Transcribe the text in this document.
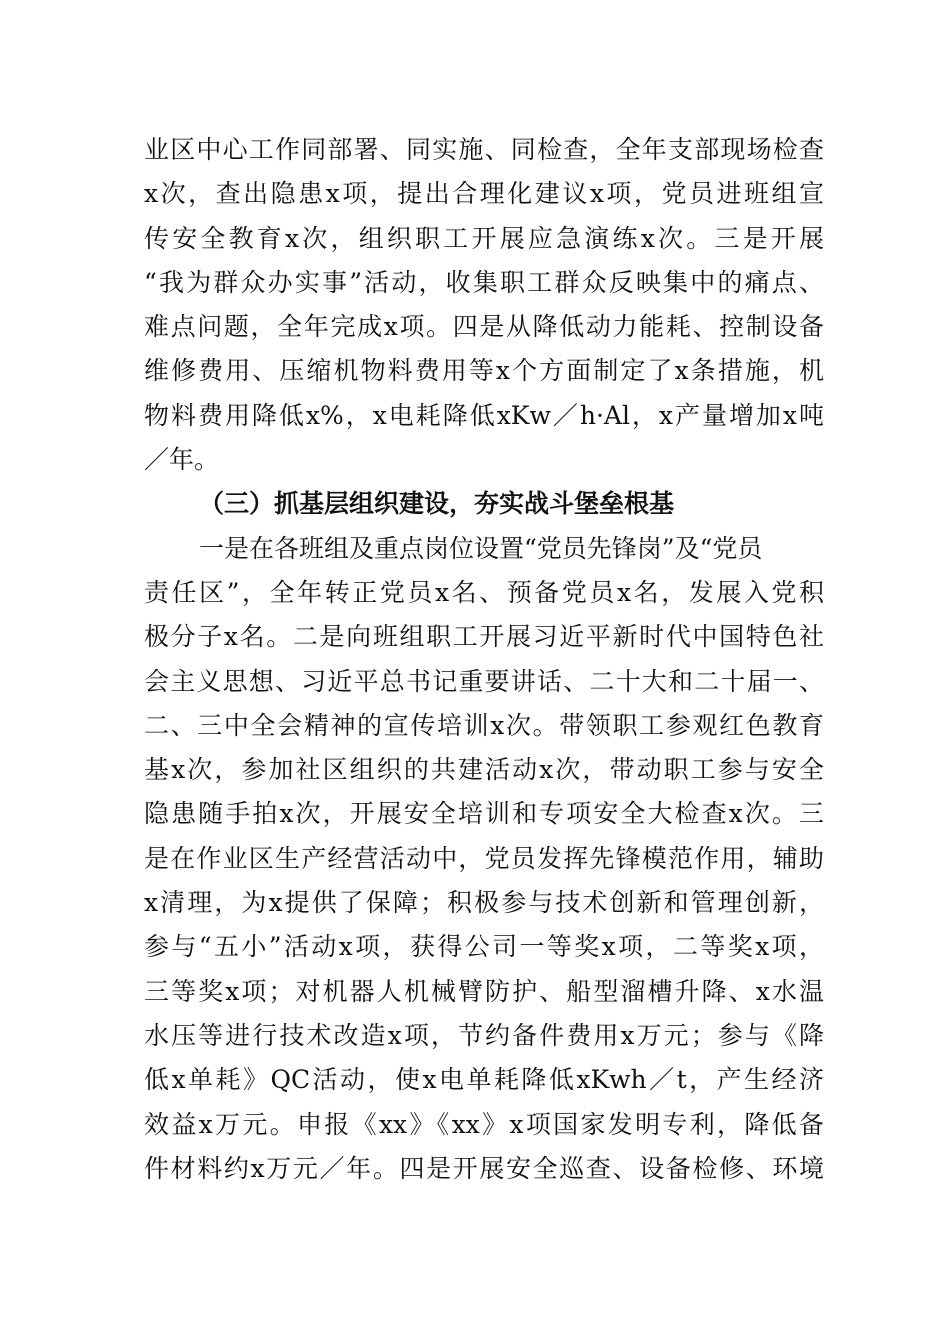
业区中心工作同部署、同实施、同检查，全年支部现场检查
x次，查出隐患x项，提出合理化建议x项，党员进班组宣
传安全教育x次，组织职工开展应急演练x次。三是开展
“我为群众办实事”活动，收集职工群众反映集中的痛点、
难点问题，全年完成x项。四是从降低动力能耗、控制设备
维修费用、压缩机物料费用等x个方面制定了x条措施，机
物料费用降低x%，x电耗降低xKw／h·Al，x产量增加x吨
／年。
（三）抓基层组织建设，夯实战斗堡垒根基
一是在各班组及重点岗位设置“党员先锋岗”及“党员
责任区”，全年转正党员x名、预备党员x名，发展入党积
极分子x名。二是向班组职工开展习近平新时代中国特色社
会主义思想、习近平总书记重要讲话、二十大和二十届一、
二、三中全会精神的宣传培训x次。带领职工参观红色教育
基x次，参加社区组织的共建活动x次，带动职工参与安全
隐患随手拍x次，开展安全培训和专项安全大检查x次。三
是在作业区生产经营活动中，党员发挥先锋模范作用，辅助
x清理，为x提供了保障；积极参与技术创新和管理创新，
参与“五小”活动x项，获得公司一等奖x项，二等奖x项，
三等奖x项；对机器人机械臂防护、船型溜槽升降、x水温
水压等进行技术改造x项，节约备件费用x万元；参与《降
低x单耗》QC活动，使x电单耗降低xKwh／t，产生经济
效益x万元。申报《xx》《xx》x项国家发明专利，降低备
件材料约x万元／年。四是开展安全巡查、设备检修、环境
